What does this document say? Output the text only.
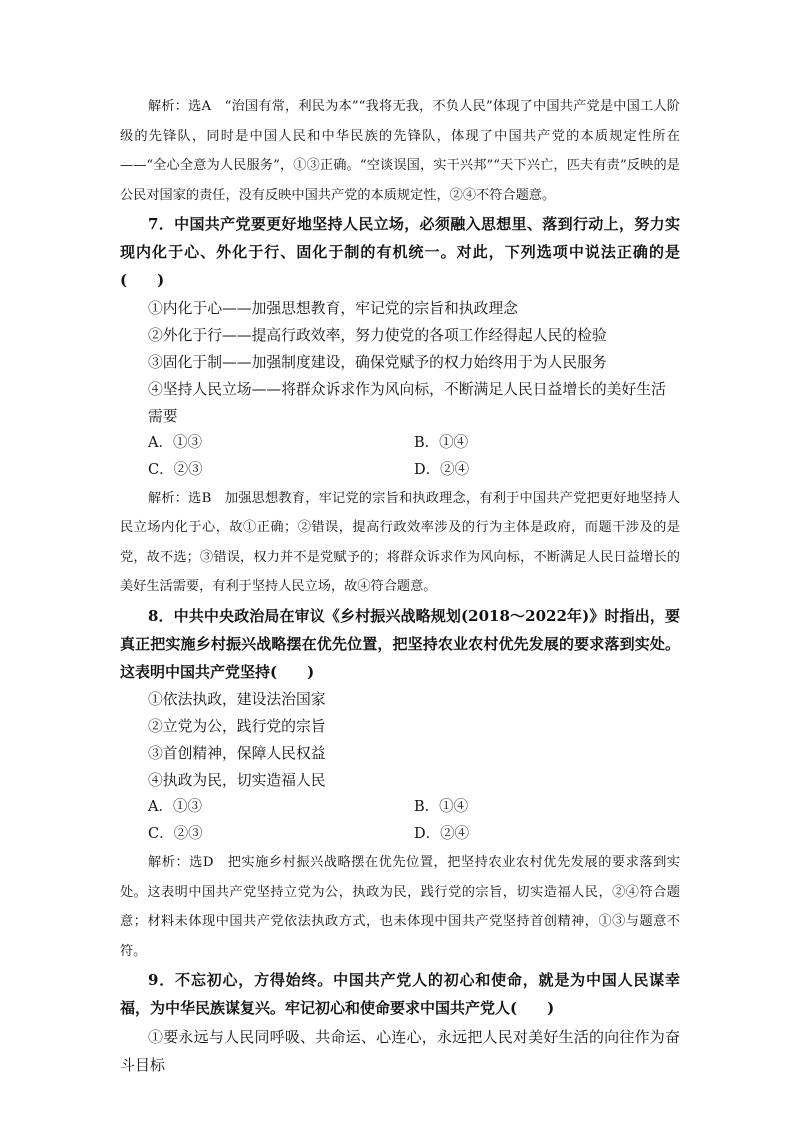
解析：选A　“治国有常，利民为本”“我将无我，不负人民”体现了中国共产党是中国工人阶级的先锋队，同时是中国人民和中华民族的先锋队，体现了中国共产党的本质规定性所在——“全心全意为人民服务”，①③正确。“空谈误国，实干兴邦”“天下兴亡，匹夫有责”反映的是公民对国家的责任，没有反映中国共产党的本质规定性，②④不符合题意。

7．中国共产党要更好地坚持人民立场，必须融入思想里、落到行动上，努力实现内化于心、外化于行、固化于制的有机统一。对此，下列选项中说法正确的是(　　)

①内化于心——加强思想教育，牢记党的宗旨和执政理念

②外化于行——提高行政效率，努力使党的各项工作经得起人民的检验

③固化于制——加强制度建设，确保党赋予的权力始终用于为人民服务

④坚持人民立场——将群众诉求作为风向标，不断满足人民日益增长的美好生活需要

A．①③	B．①④
C．②③	D．②④

解析：选B　加强思想教育，牢记党的宗旨和执政理念，有利于中国共产党把更好地坚持人民立场内化于心，故①正确；②错误，提高行政效率涉及的行为主体是政府，而题干涉及的是党，故不选；③错误，权力并不是党赋予的；将群众诉求作为风向标，不断满足人民日益增长的美好生活需要，有利于坚持人民立场，故④符合题意。

8．中共中央政治局在审议《乡村振兴战略规划(2018～2022年)》时指出，要真正把实施乡村振兴战略摆在优先位置，把坚持农业农村优先发展的要求落到实处。这表明中国共产党坚持(　　)

①依法执政，建设法治国家

②立党为公，践行党的宗旨

③首创精神，保障人民权益

④执政为民，切实造福人民

A．①③	B．①④
C．②③	D．②④

解析：选D　把实施乡村振兴战略摆在优先位置，把坚持农业农村优先发展的要求落到实处。这表明中国共产党坚持立党为公，执政为民，践行党的宗旨，切实造福人民，②④符合题意；材料未体现中国共产党依法执政方式，也未体现中国共产党坚持首创精神，①③与题意不符。

9．不忘初心，方得始终。中国共产党人的初心和使命，就是为中国人民谋幸福，为中华民族谋复兴。牢记初心和使命要求中国共产党人(　　)

①要永远与人民同呼吸、共命运、心连心，永远把人民对美好生活的向往作为奋斗目标
